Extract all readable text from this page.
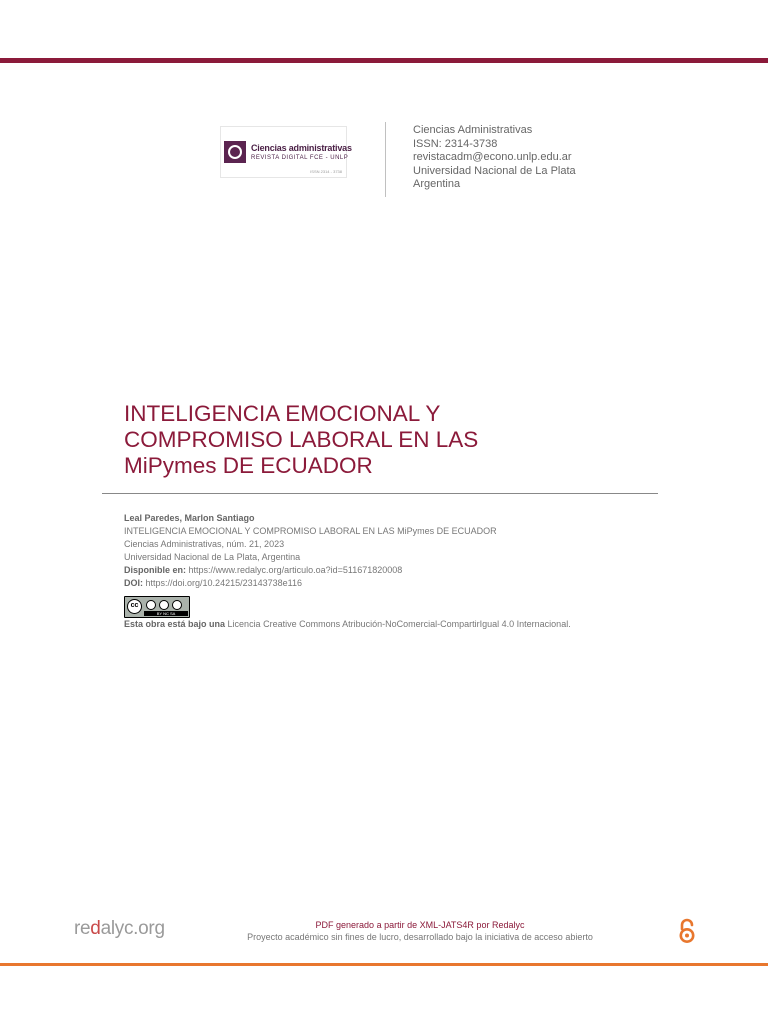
Ciencias administrativas
REVISTA DIGITAL FCE - UNLP
ISSN 2314 - 3738
Ciencias Administrativas
ISSN: 2314-3738
revistacadm@econo.unlp.edu.ar
Universidad Nacional de La Plata
Argentina
INTELIGENCIA EMOCIONAL Y
COMPROMISO LABORAL EN LAS
MiPymes DE ECUADOR
Leal Paredes, Marlon Santiago
INTELIGENCIA EMOCIONAL Y COMPROMISO LABORAL EN LAS MiPymes DE ECUADOR
Ciencias Administrativas, núm. 21, 2023
Universidad Nacional de La Plata, Argentina
Disponible en: https://www.redalyc.org/articulo.oa?id=511671820008
DOI: https://doi.org/10.24215/23143738e116
cc
BY NC SA
Esta obra está bajo una Licencia Creative Commons Atribución-NoComercial-CompartirIgual 4.0 Internacional.
redalyc.org	PDF generado a partir de XML-JATS4R por Redalyc
Proyecto académico sin fines de lucro, desarrollado bajo la iniciativa de acceso abierto
